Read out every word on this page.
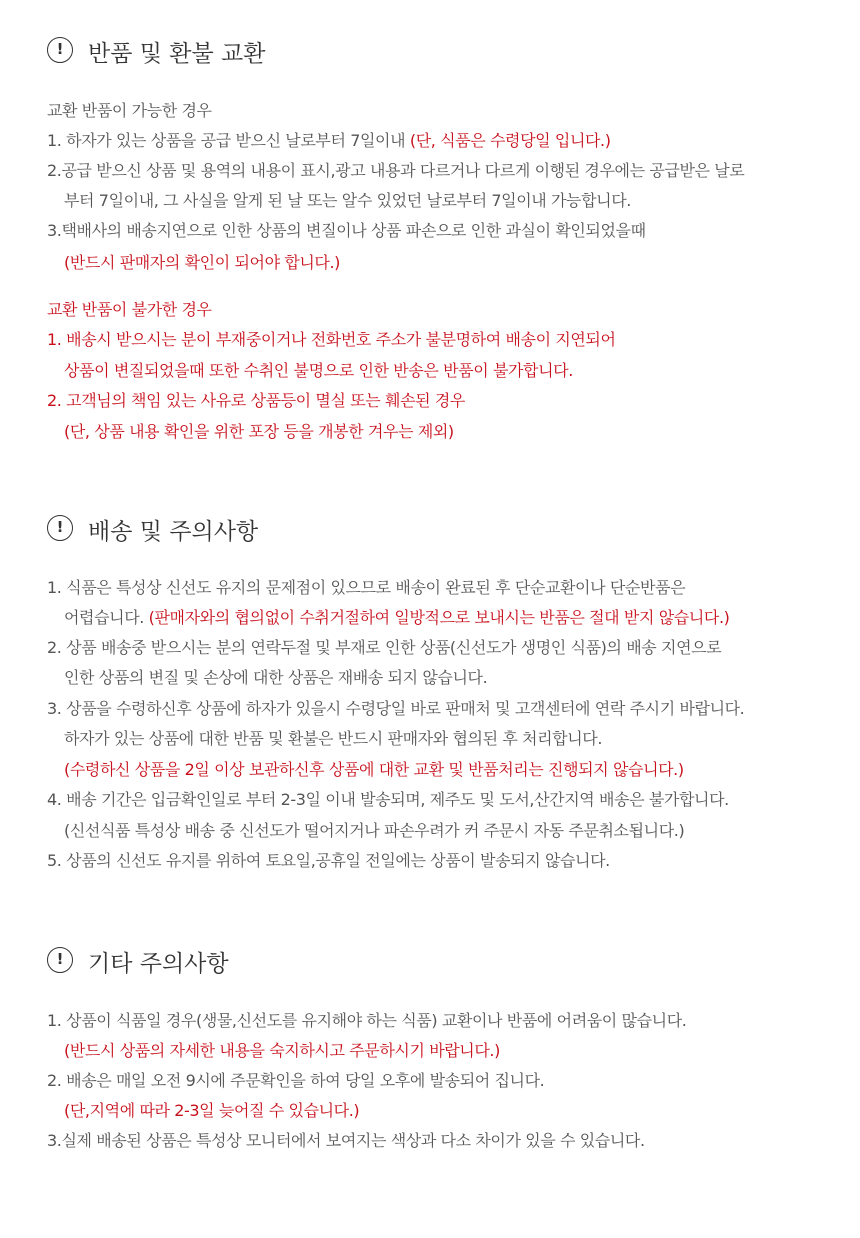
!	반품 및 환불 교환
교환 반품이 가능한 경우
1. 하자가 있는 상품을 공급 받으신 날로부터 7일이내 (단, 식품은 수령당일 입니다.)
2.공급 받으신 상품 및 용역의 내용이 표시,광고 내용과 다르거나 다르게 이행된 경우에는 공급받은 날로
부터 7일이내, 그 사실을 알게 된 날 또는 알수 있었던 날로부터 7일이내 가능합니다.
3.택배사의 배송지연으로 인한 상품의 변질이나 상품 파손으로 인한 과실이 확인되었을때
(반드시 판매자의 확인이 되어야 합니다.)
교환 반품이 불가한 경우
1. 배송시 받으시는 분이 부재중이거나 전화번호 주소가 불분명하여 배송이 지연되어
상품이 변질되었을때 또한 수취인 불명으로 인한 반송은 반품이 불가합니다.
2. 고객님의 책임 있는 사유로 상품등이 멸실 또는 훼손된 경우
(단, 상품 내용 확인을 위한 포장 등을 개봉한 겨우는 제외)
!	배송 및 주의사항
1. 식품은 특성상 신선도 유지의 문제점이 있으므로 배송이 완료된 후 단순교환이나 단순반품은
어렵습니다. (판매자와의 협의없이 수취거절하여 일방적으로 보내시는 반품은 절대 받지 않습니다.)
2. 상품 배송중 받으시는 분의 연락두절 및 부재로 인한 상품(신선도가 생명인 식품)의 배송 지연으로
인한 상품의 변질 및 손상에 대한 상품은 재배송 되지 않습니다.
3. 상품을 수령하신후 상품에 하자가 있을시 수령당일 바로 판매처 및 고객센터에 연락 주시기 바랍니다.
하자가 있는 상품에 대한 반품 및 환불은 반드시 판매자와 협의된 후 처리합니다.
(수령하신 상품을 2일 이상 보관하신후 상품에 대한 교환 및 반품처리는 진행되지 않습니다.)
4. 배송 기간은 입금확인일로 부터 2-3일 이내 발송되며, 제주도 및 도서,산간지역 배송은 불가합니다.
(신선식품 특성상 배송 중 신선도가 떨어지거나 파손우려가 커 주문시 자동 주문취소됩니다.)
5. 상품의 신선도 유지를 위하여 토요일,공휴일 전일에는 상품이 발송되지 않습니다.
!	기타 주의사항
1. 상품이 식품일 경우(생물,신선도를 유지해야 하는 식품) 교환이나 반품에 어려움이 많습니다.
(반드시 상품의 자세한 내용을 숙지하시고 주문하시기 바랍니다.)
2. 배송은 매일 오전 9시에 주문확인을 하여 당일 오후에 발송되어 집니다.
(단,지역에 따라 2-3일 늦어질 수 있습니다.)
3.실제 배송된 상품은 특성상 모니터에서 보여지는 색상과 다소 차이가 있을 수 있습니다.
